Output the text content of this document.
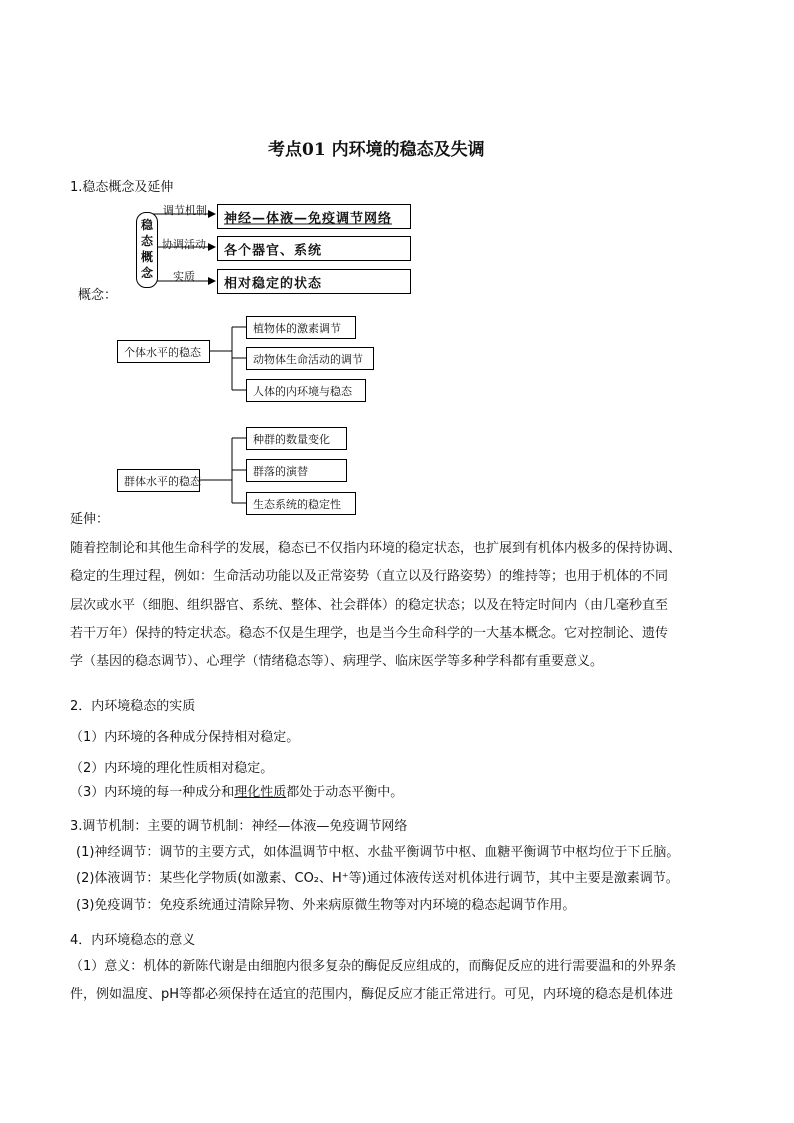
考点01 内环境的稳态及失调
1.稳态概念及延伸
稳
态
概
念
调节机制
协调活动
实质
神经—体液—免疫调节网络
各个器官、系统
相对稳定的状态
概念：
个体水平的稳态
植物体的激素调节
动物体生命活动的调节
人体的内环境与稳态
群体水平的稳态
种群的数量变化
群落的演替
生态系统的稳定性
延伸：
随着控制论和其他生命科学的发展，稳态已不仅指内环境的稳定状态，也扩展到有机体内极多的保持协调、
稳定的生理过程，例如：生命活动功能以及正常姿势（直立以及行路姿势）的维持等；也用于机体的不同
层次或水平（细胞、组织器官、系统、整体、社会群体）的稳定状态；以及在特定时间内（由几毫秒直至
若干万年）保持的特定状态。稳态不仅是生理学，也是当今生命科学的一大基本概念。它对控制论、遗传
学（基因的稳态调节）、心理学（情绪稳态等）、病理学、临床医学等多种学科都有重要意义。
2．内环境稳态的实质
（1）内环境的各种成分保持相对稳定。
（2）内环境的理化性质相对稳定。
（3）内环境的每一种成分和理化性质都处于动态平衡中。
3.调节机制：主要的调节机制：神经—体液—免疫调节网络
(1)神经调节：调节的主要方式，如体温调节中枢、水盐平衡调节中枢、血糖平衡调节中枢均位于下丘脑。
(2)体液调节：某些化学物质(如激素、CO₂、H⁺等)通过体液传送对机体进行调节，其中主要是激素调节。
(3)免疫调节：免疫系统通过清除异物、外来病原微生物等对内环境的稳态起调节作用。
4．内环境稳态的意义
（1）意义：机体的新陈代谢是由细胞内很多复杂的酶促反应组成的，而酶促反应的进行需要温和的外界条
件，例如温度、pH等都必须保持在适宜的范围内，酶促反应才能正常进行。可见，内环境的稳态是机体进
